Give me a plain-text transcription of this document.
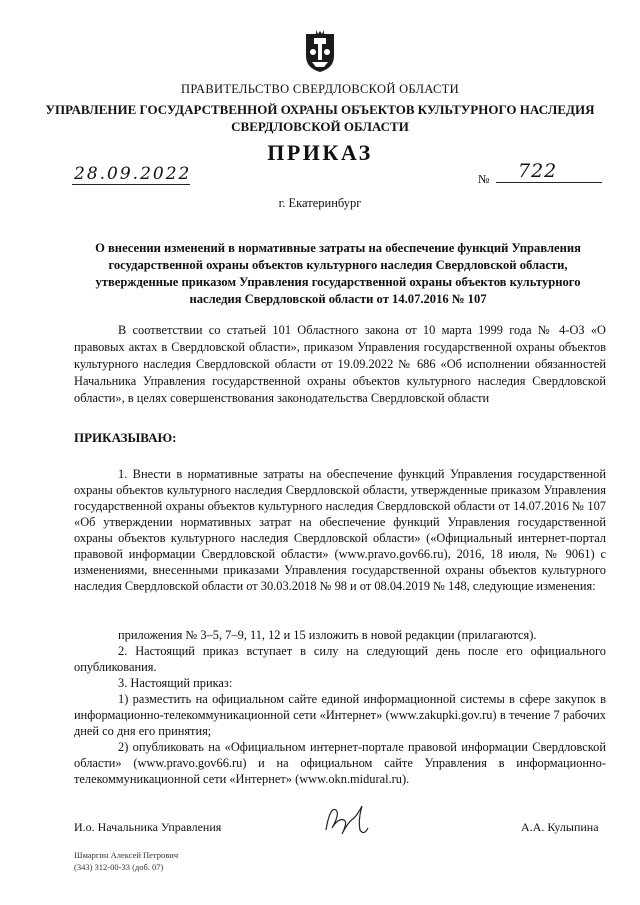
ПРАВИТЕЛЬСТВО СВЕРДЛОВСКОЙ ОБЛАСТИ
УПРАВЛЕНИЕ ГОСУДАРСТВЕННОЙ ОХРАНЫ ОБЪЕКТОВ КУЛЬТУРНОГО НАСЛЕДИЯ
СВЕРДЛОВСКОЙ ОБЛАСТИ
ПРИКАЗ
28.09.2022	№ 722
г. Екатеринбург
О внесении изменений в нормативные затраты на обеспечение функций Управления государственной охраны объектов культурного наследия Свердловской области, утвержденные приказом Управления государственной охраны объектов культурного наследия Свердловской области от 14.07.2016 № 107

В соответствии со статьей 101 Областного закона от 10 марта 1999 года № 4-ОЗ «О правовых актах в Свердловской области», приказом Управления государственной охраны объектов культурного наследия Свердловской области от 19.09.2022 № 686 «Об исполнении обязанностей Начальника Управления государственной охраны объектов культурного наследия Свердловской области», в целях совершенствования законодательства Свердловской области

ПРИКАЗЫВАЮ:

1. Внести в нормативные затраты на обеспечение функций Управления государственной охраны объектов культурного наследия Свердловской области, утвержденные приказом Управления государственной охраны объектов культурного наследия Свердловской области от 14.07.2016 № 107 «Об утверждении нормативных затрат на обеспечение функций Управления государственной охраны объектов культурного наследия Свердловской области» («Официальный интернет-портал правовой информации Свердловской области» (www.pravo.gov66.ru), 2016, 18 июля, № 9061) с изменениями, внесенными приказами Управления государственной охраны объектов культурного наследия Свердловской области от 30.03.2018 № 98 и от 08.04.2019 № 148, следующие изменения:

приложения № 3–5, 7–9, 11, 12 и 15 изложить в новой редакции (прилагаются).

2. Настоящий приказ вступает в силу на следующий день после его официального опубликования.

3. Настоящий приказ:

1) разместить на официальном сайте единой информационной системы в сфере закупок в информационно-телекоммуникационной сети «Интернет» (www.zakupki.gov.ru) в течение 7 рабочих дней со дня его принятия;

2) опубликовать на «Официальном интернет-портале правовой информации Свердловской области» (www.pravo.gov66.ru) и на официальном сайте Управления в информационно-телекоммуникационной сети «Интернет» (www.okn.midural.ru).

И.о. Начальника Управления	А.А. Кулыпина
Шмаргин Алексей Петрович
(343) 312-00-33 (доб. 07)
